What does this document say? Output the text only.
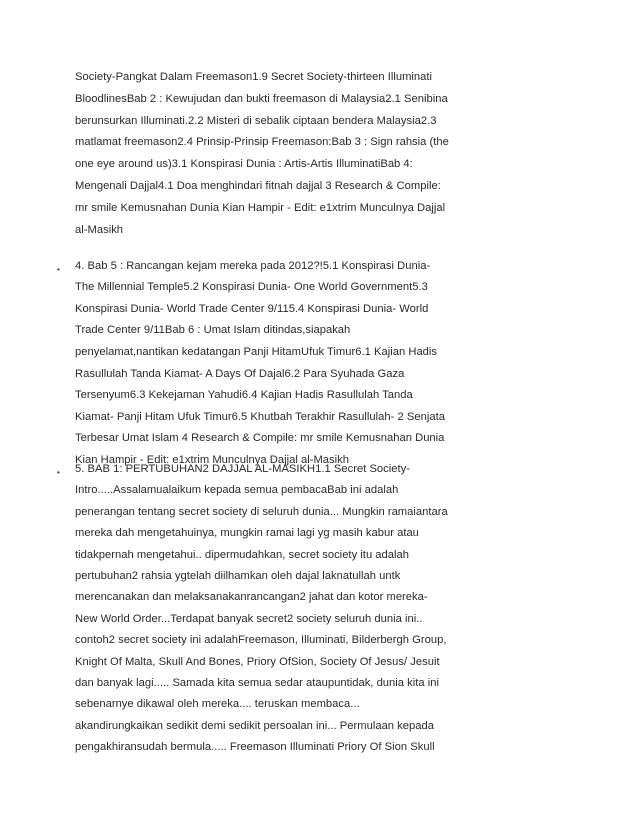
Society-Pangkat Dalam Freemason1.9 Secret Society-thirteen Illuminati
BloodlinesBab 2 : Kewujudan dan bukti freemason di Malaysia2.1 Senibina
berunsurkan Illuminati.2.2 Misteri di sebalik ciptaan bendera Malaysia2.3
matlamat freemason2.4 Prinsip-Prinsip Freemason:Bab 3 : Sign rahsia (the
one eye around us)3.1 Konspirasi Dunia : Artis-Artis IlluminatiBab 4:
Mengenali Dajjal4.1 Doa menghindari fitnah dajjal 3 Research & Compile:
mr smile Kemusnahan Dunia Kian Hampir - Edit: e1xtrim Munculnya Dajjal
al-Masikh
• 4. Bab 5 : Rancangan kejam mereka pada 2012?!5.1 Konspirasi Dunia-
The Millennial Temple5.2 Konspirasi Dunia- One World Government5.3
Konspirasi Dunia- World Trade Center 9/115.4 Konspirasi Dunia- World
Trade Center 9/11Bab 6 : Umat Islam ditindas,siapakah
penyelamat,nantikan kedatangan Panji HitamUfuk Timur6.1 Kajian Hadis
Rasullulah Tanda Kiamat- A Days Of Dajal6.2 Para Syuhada Gaza
Tersenyum6.3 Kekejaman Yahudi6.4 Kajian Hadis Rasullulah Tanda
Kiamat- Panji Hitam Ufuk Timur6.5 Khutbah Terakhir Rasullulah- 2 Senjata
Terbesar Umat Islam 4 Research & Compile: mr smile Kemusnahan Dunia
Kian Hampir - Edit: e1xtrim Munculnya Dajjal al-Masikh
• 5. BAB 1: PERTUBUHAN2 DAJJAL AL-MASIKH1.1 Secret Society-
Intro.....Assalamualaikum kepada semua pembacaBab ini adalah
penerangan tentang secret society di seluruh dunia... Mungkin ramaiantara
mereka dah mengetahuinya, mungkin ramai lagi yg masih kabur atau
tidakpernah mengetahui.. dipermudahkan, secret society itu adalah
pertubuhan2 rahsia ygtelah diilhamkan oleh dajal laknatullah untk
merencanakan dan melaksanakanrancangan2 jahat dan kotor mereka-
New World Order...Terdapat banyak secret2 society seluruh dunia ini..
contoh2 secret society ini adalahFreemason, Illuminati, Bilderbergh Group,
Knight Of Malta, Skull And Bones, Priory OfSion, Society Of Jesus/ Jesuit
dan banyak lagi..... Samada kita semua sedar ataupuntidak, dunia kita ini
sebenarnye dikawal oleh mereka.... teruskan membaca...
akandirungkaikan sedikit demi sedikit persoalan ini... Permulaan kepada
pengakhiransudah bermula..... Freemason Illuminati Priory Of Sion Skull
